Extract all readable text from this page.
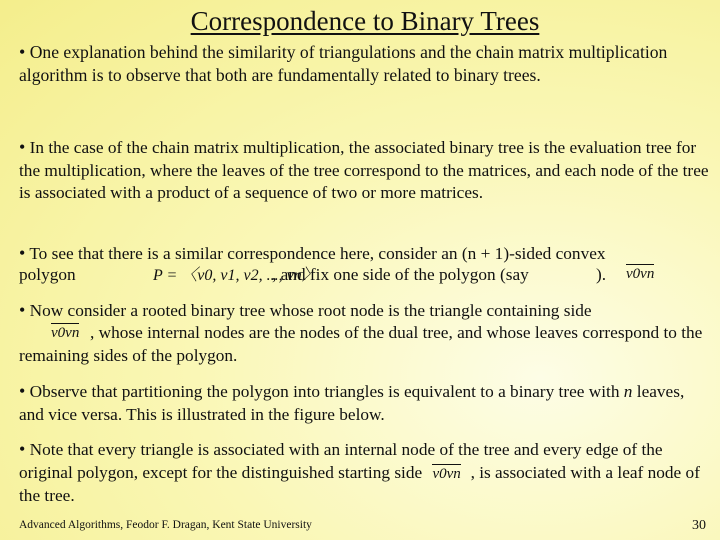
Correspondence to Binary Trees
• One explanation behind the similarity of triangulations and the chain matrix multiplication algorithm is to observe that both are fundamentally related to binary trees.
• In the case of the chain matrix multiplication, the associated binary tree is the evaluation tree for the multiplication, where the leaves of the tree correspond to the matrices, and each node of the tree is associated with a product of a sequence of two or more matrices.
• To see that there is a similar correspondence here, consider an (n + 1)-sided convex
polygon	P = 〈v0, v1, v2, ..., vn〉
, and fix one side of the polygon (say	).	v0vn
• Now consider a rooted binary tree whose root node is the triangle containing side
v0vn , whose internal nodes are the nodes of the dual tree, and whose leaves correspond to the remaining sides of the polygon.
• Observe that partitioning the polygon into triangles is equivalent to a binary tree with n leaves, and vice versa. This is illustrated in the figure below.
• Note that every triangle is associated with an internal node of the tree and every edge of the original polygon, except for the distinguished starting side v0vn , is associated with a leaf node of the tree.
Advanced Algorithms, Feodor F. Dragan, Kent State University	30
